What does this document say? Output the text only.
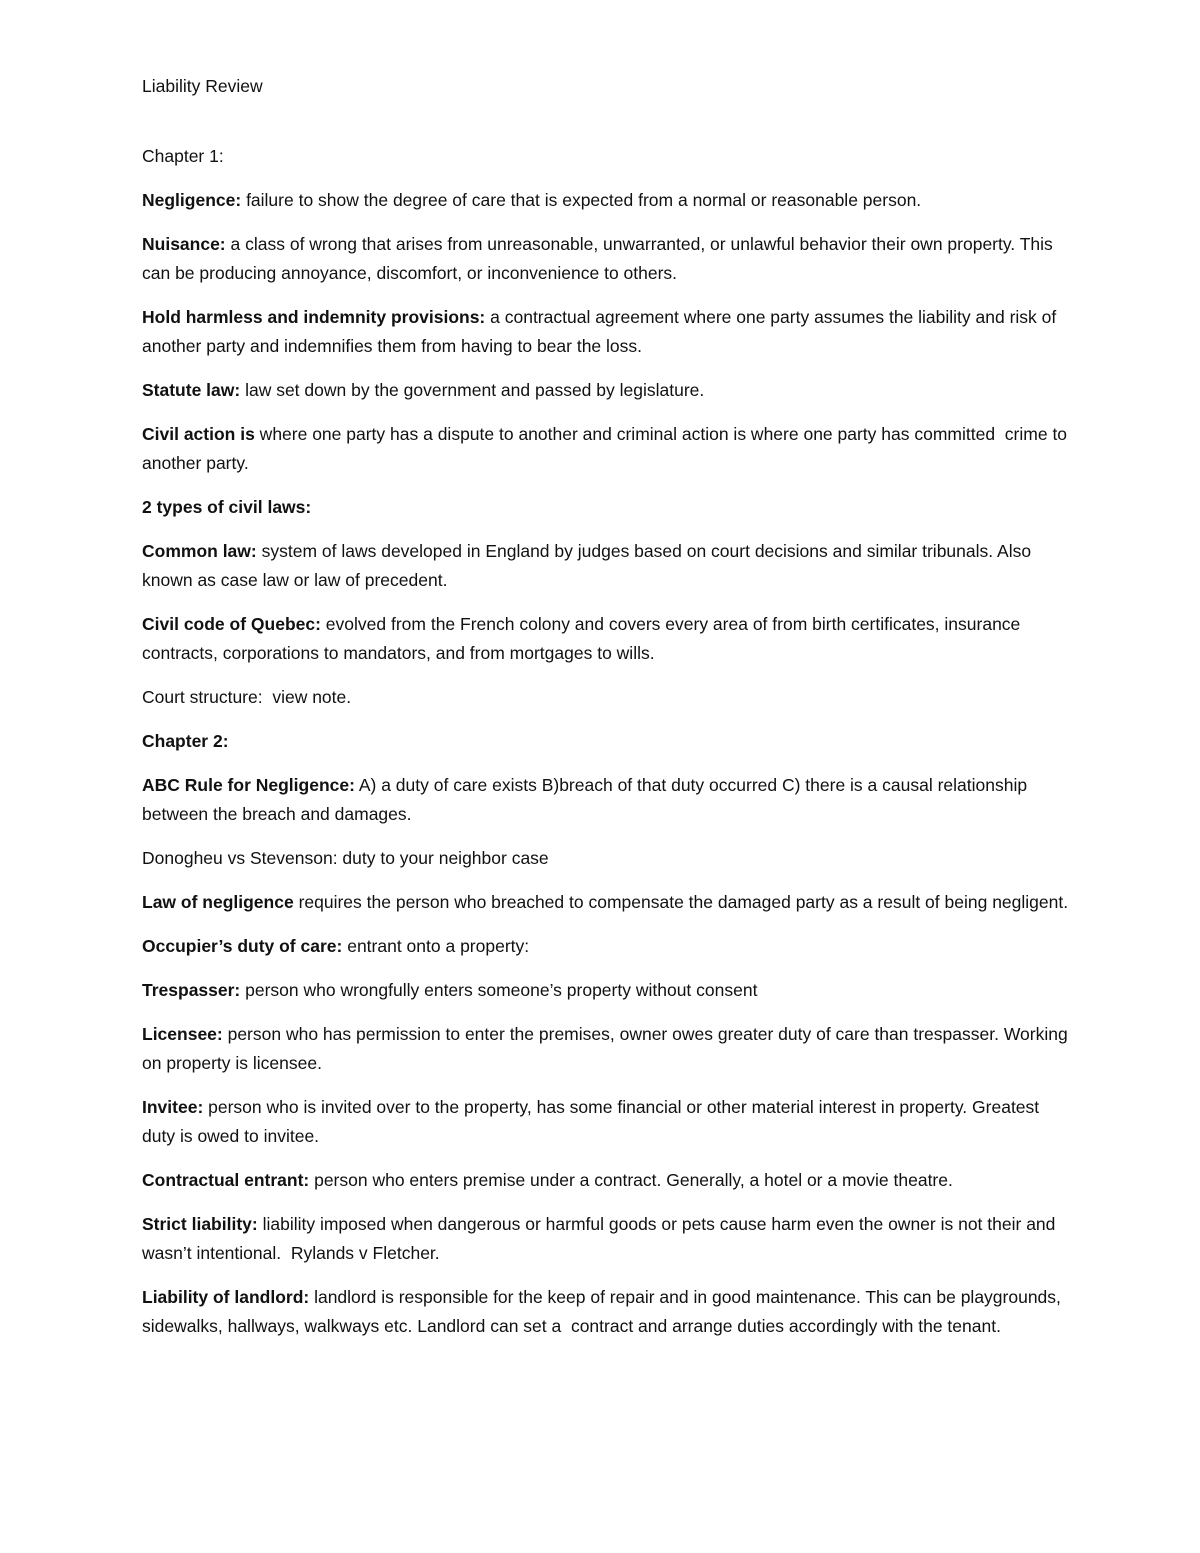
Liability Review

Chapter 1:

Negligence: failure to show the degree of care that is expected from a normal or reasonable person.

Nuisance: a class of wrong that arises from unreasonable, unwarranted, or unlawful behavior their own property. This can be producing annoyance, discomfort, or inconvenience to others.

Hold harmless and indemnity provisions: a contractual agreement where one party assumes the liability and risk of another party and indemnifies them from having to bear the loss.

Statute law: law set down by the government and passed by legislature.

Civil action is where one party has a dispute to another and criminal action is where one party has committed  crime to another party.

2 types of civil laws:

Common law: system of laws developed in England by judges based on court decisions and similar tribunals. Also known as case law or law of precedent.

Civil code of Quebec: evolved from the French colony and covers every area of from birth certificates, insurance contracts, corporations to mandators, and from mortgages to wills.

Court structure:  view note.

Chapter 2:

ABC Rule for Negligence: A) a duty of care exists B)breach of that duty occurred C) there is a causal relationship between the breach and damages.

Donogheu vs Stevenson: duty to your neighbor case

Law of negligence requires the person who breached to compensate the damaged party as a result of being negligent.

Occupier’s duty of care: entrant onto a property:

Trespasser: person who wrongfully enters someone’s property without consent

Licensee: person who has permission to enter the premises, owner owes greater duty of care than trespasser. Working on property is licensee.

Invitee: person who is invited over to the property, has some financial or other material interest in property. Greatest duty is owed to invitee.

Contractual entrant: person who enters premise under a contract. Generally, a hotel or a movie theatre.

Strict liability: liability imposed when dangerous or harmful goods or pets cause harm even the owner is not their and wasn’t intentional.  Rylands v Fletcher.

Liability of landlord: landlord is responsible for the keep of repair and in good maintenance. This can be playgrounds, sidewalks, hallways, walkways etc. Landlord can set a  contract and arrange duties accordingly with the tenant.
